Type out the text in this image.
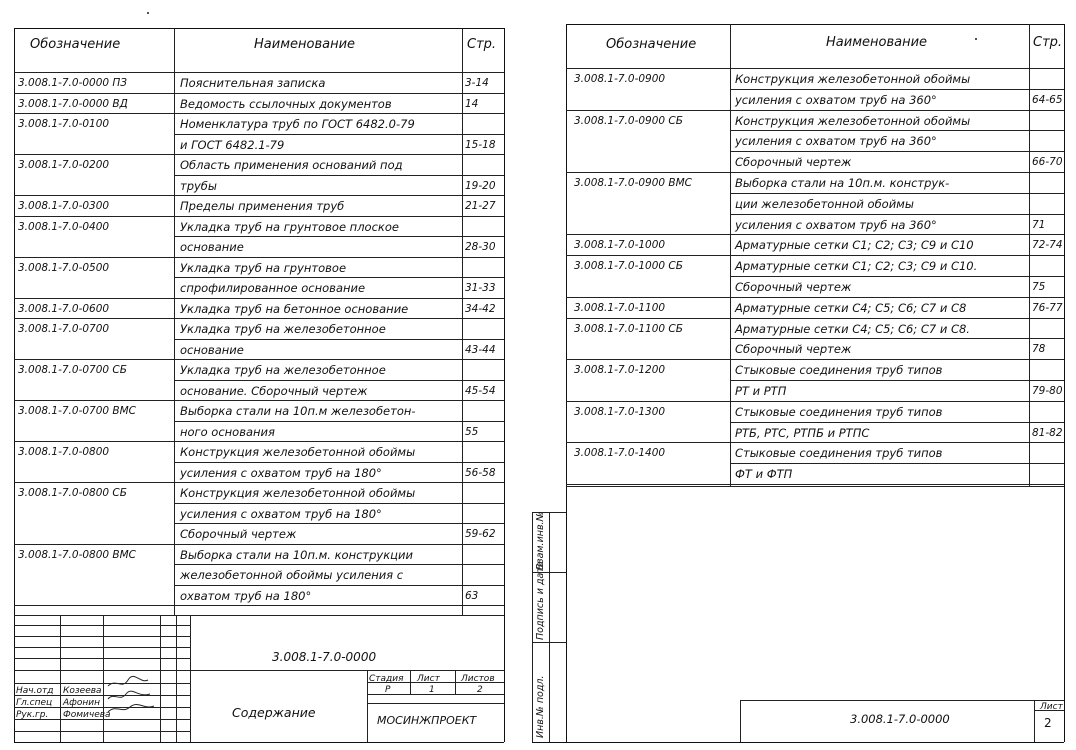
Обозначение	Наименование	Стр.
3.008.1-7.0-0000 ПЗ	Пояснительная записка	3-14
3.008.1-7.0-0000 ВД	Ведомость ссылочных документов	14
3.008.1-7.0-0100	Номенклатура труб по ГОСТ 6482.0-79
и ГОСТ 6482.1-79	15-18
3.008.1-7.0-0200	Область применения оснований под
трубы	19-20
3.008.1-7.0-0300	Пределы применения труб	21-27
3.008.1-7.0-0400	Укладка труб на грунтовое плоское
основание	28-30
3.008.1-7.0-0500	Укладка труб на грунтовое
спрофилированное основание	31-33
3.008.1-7.0-0600	Укладка труб на бетонное основание	34-42
3.008.1-7.0-0700	Укладка труб на железобетонное
основание	43-44
3.008.1-7.0-0700 СБ	Укладка труб на железобетонное
основание. Сборочный чертеж	45-54
3.008.1-7.0-0700 ВМС	Выборка стали на 10п.м железобетон-
ного основания	55
3.008.1-7.0-0800	Конструкция железобетонной обоймы
усиления с охватом труб на 180°	56-58
3.008.1-7.0-0800 СБ	Конструкция железобетонной обоймы
усиления с охватом труб на 180°
Сборочный чертеж	59-62
3.008.1-7.0-0800 ВМС	Выборка стали на 10п.м. конструкции
железобетонной обоймы усиления с
охватом труб на 180°	63
3.008.1-7.0-0000
Нач.отд
Гл.спец
Рук.гр.
Козеева
Афонин
Фомичева	Содержание
Стадия Лист Листов
Р	1	2
МОСИНЖПРОЕКТ
Обозначение	Наименование	Стр.
3.008.1-7.0-0900	Конструкция железобетонной обоймы
усиления с охватом труб на 360°	64-65
3.008.1-7.0-0900 СБ	Конструкция железобетонной обоймы
усиления с охватом труб на 360°
Сборочный чертеж	66-70
3.008.1-7.0-0900 ВМС	Выборка стали на 10п.м. конструк-
ции железобетонной обоймы
усиления с охватом труб на 360°	71
3.008.1-7.0-1000	Арматурные сетки С1; С2; С3; С9 и С10	72-74
3.008.1-7.0-1000 СБ	Арматурные сетки С1; С2; С3; С9 и С10.
Сборочный чертеж	75
3.008.1-7.0-1100	Арматурные сетки С4; С5; С6; С7 и С8	76-77
3.008.1-7.0-1100 СБ	Арматурные сетки С4; С5; С6; С7 и С8.
Сборочный чертеж	78
3.008.1-7.0-1200	Стыковые соединения труб типов
РТ и РТП	79-80
3.008.1-7.0-1300	Стыковые соединения труб типов
РТБ, РТС, РТПБ и РТПС	81-82
3.008.1-7.0-1400	Стыковые соединения труб типов
ФТ и ФТП
Взам.инв.№
Подпись и дата
Инв.№ подл.	3.008.1-7.0-0000
Лист
2
